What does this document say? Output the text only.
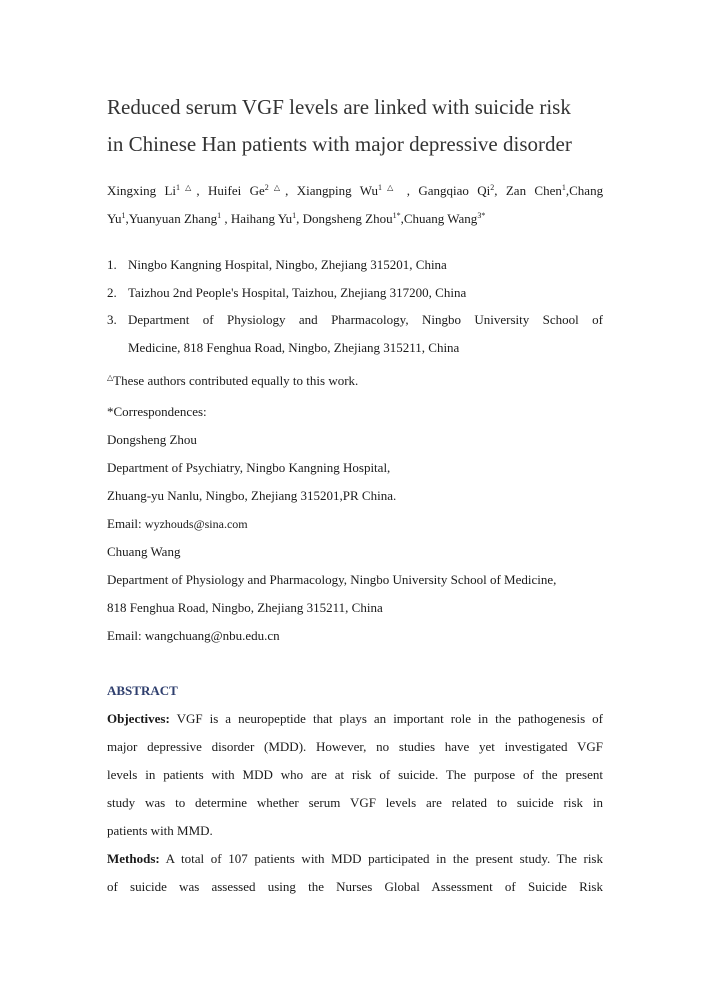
Reduced serum VGF levels are linked with suicide risk
in Chinese Han patients with major depressive disorder
Xingxing $Li^{1\triangle}$, Huifei $Ge^{2\triangle}$, Xiangping $Wu^{1\triangle}$ , Gangqiao Qi$^2$, Zan Chen$^1$,Chang
Yu$^1$,Yuanyuan Zhang$^1$ , Haihang Yu$^1$, Dongsheng Zhou$^{1*}$,Chuang Wang$^{3*}$
1. Ningbo Kangning Hospital, Ningbo, Zhejiang 315201, China
2. Taizhou 2nd People's Hospital, Taizhou, Zhejiang 317200, China
3. Department of Physiology and Pharmacology, Ningbo University School of
Medicine, 818 Fenghua Road, Ningbo, Zhejiang 315211, China
△These authors contributed equally to this work.
*Correspondences:
Dongsheng Zhou
Department of Psychiatry, Ningbo Kangning Hospital,
Zhuang-yu Nanlu, Ningbo, Zhejiang 315201,PR China.
Email: wyzhouds@sina.com
Chuang Wang
Department of Physiology and Pharmacology, Ningbo University School of Medicine,
818 Fenghua Road, Ningbo, Zhejiang 315211, China
Email: wangchuang@nbu.edu.cn
ABSTRACT
Objectives: VGF is a neuropeptide that plays an important role in the pathogenesis of
major depressive disorder (MDD). However, no studies have yet investigated VGF
levels in patients with MDD who are at risk of suicide. The purpose of the present
study was to determine whether serum VGF levels are related to suicide risk in
patients with MMD.
Methods: A total of 107 patients with MDD participated in the present study. The risk
of suicide was assessed using the Nurses Global Assessment of Suicide Risk
